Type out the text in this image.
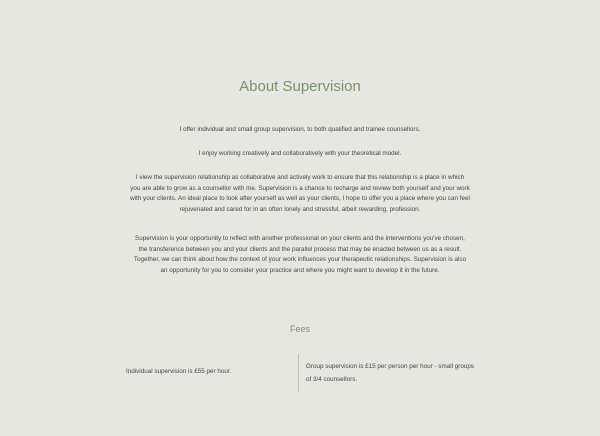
About Supervision

I offer individual and small group supervision, to both qualified and trainee counsellors.

I enjoy working creatively and collaboratively with your theoretical model.

I view the supervision relationship as collaborative and actively work to ensure that this relationship is a place in which you are able to grow as a counsellor with me. Supervision is a chance to recharge and review both yourself and your work with your clients. An ideal place to look after yourself as well as your clients, I hope to offer you a place where you can feel rejuvenated and cared for in an often lonely and stressful, albeit rewarding, profession.

Supervision is your opportunity to reflect with another professional on your clients and the interventions you've chosen, the transference between you and your clients and the parallel process that may be enacted between us as a result. Together, we can think about how the context of your work influences your therapeutic relationships. Supervision is also an opportunity for you to consider your practice and where you might want to develop it in the future.

Fees

Individual supervision is £55 per hour.

Group supervision is £15 per person per hour - small groups of 3/4 counsellors.
